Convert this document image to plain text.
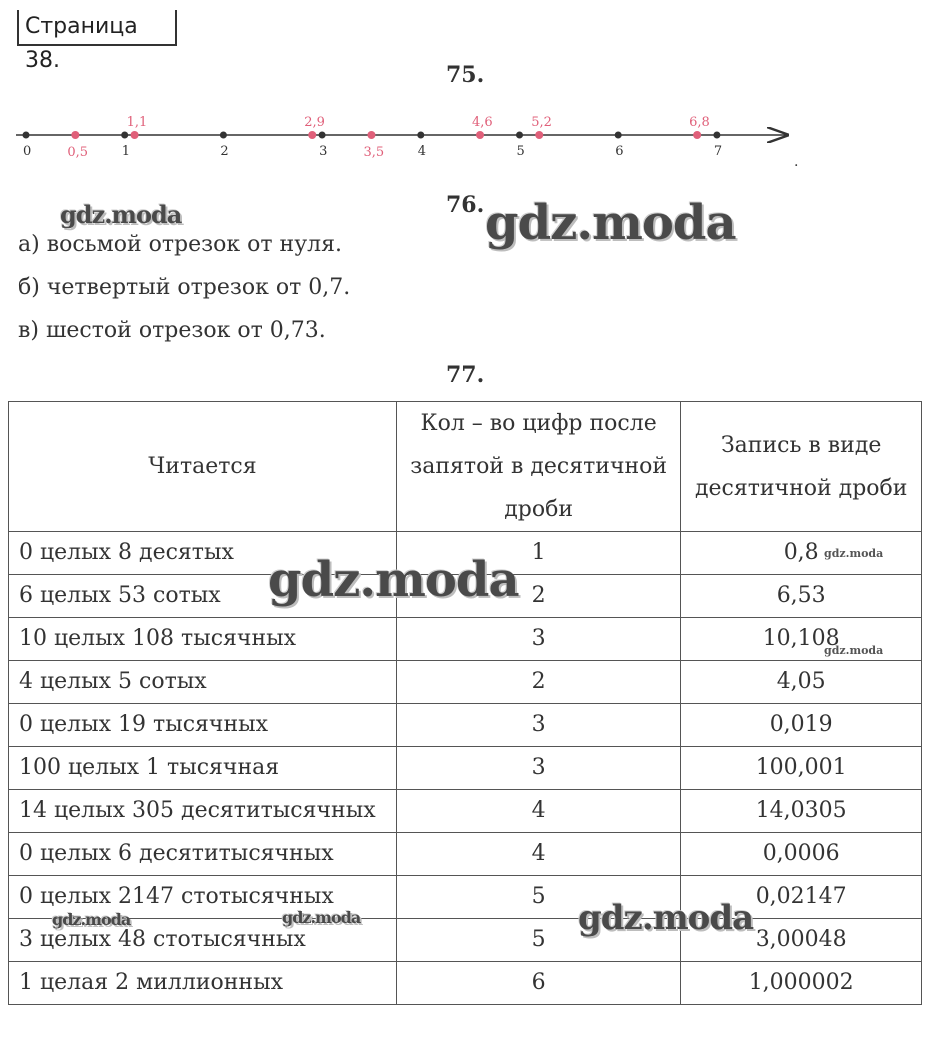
Страница 38.
75.
0	1	2	3	4	5	6	7
0,5
1,1	2,9
3,5
4,6	5,2	6,8
.
gdz.moda	76. gdz.moda
а) восьмой отрезок от нуля.
б) четвертый отрезок от 0,7.
в) шестой отрезок от 0,73.
77.
Читается	Кол – во цифр после запятой в десятичной дроби	Запись в виде десятичной дроби
0 целых 8 десятых	1	0,8
6 целых 53 сотых	2	6,53
10 целых 108 тысячных	3	10,108
4 целых 5 сотых	2	4,05
0 целых 19 тысячных	3	0,019
100 целых 1 тысячная	3	100,001
14 целых 305 десятитысячных	4	14,0305
0 целых 6 десятитысячных	4	0,0006
0 целых 2147 стотысячных	5	0,02147
3 целых 48 стотысячных	5	3,00048
1 целая 2 миллионных	6	1,000002
gdz.moda	gdz.moda
gdz.moda
gdz.moda	gdz.moda	gdz.moda
